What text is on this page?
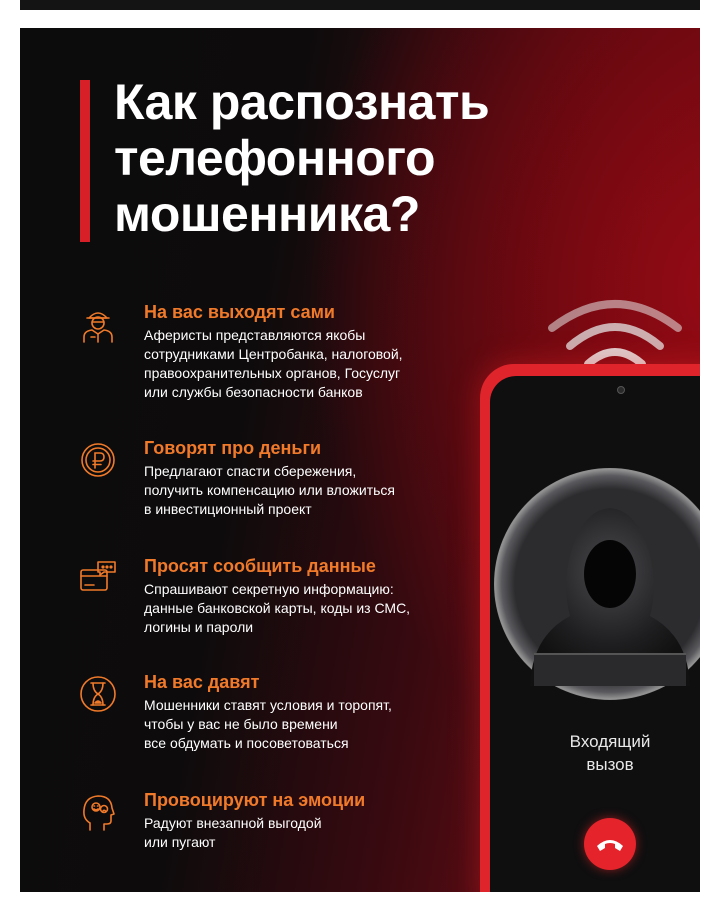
Как распознать
телефонного
мошенника?
На вас выходят сами
Аферисты представляются якобы
сотрудниками Центробанка, налоговой,
правоохранительных органов, Госуслуг
или службы безопасности банков
Говорят про деньги
Предлагают спасти сбережения,
получить компенсацию или вложиться
в инвестиционный проект
Просят сообщить данные
Спрашивают секретную информацию:
данные банковской карты, коды из СМС,
логины и пароли
На вас давят
Мошенники ставят условия и торопят,
чтобы у вас не было времени
все обдумать и посоветоваться
Провоцируют на эмоции
Радуют внезапной выгодой
или пугают
Входящий
вызов
